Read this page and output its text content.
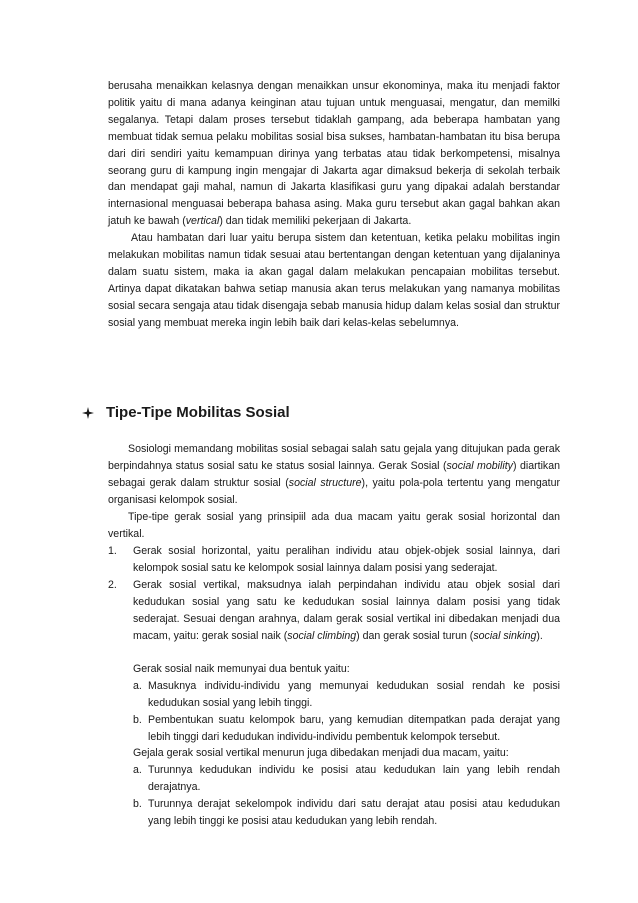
berusaha menaikkan kelasnya dengan menaikkan unsur ekonominya, maka itu menjadi faktor politik yaitu di mana adanya keinginan atau tujuan untuk menguasai, mengatur, dan memilki segalanya. Tetapi dalam proses tersebut tidaklah gampang, ada beberapa hambatan yang membuat tidak semua pelaku mobilitas sosial bisa sukses, hambatan-hambatan itu bisa berupa dari diri sendiri yaitu kemampuan dirinya yang terbatas atau tidak berkompetensi, misalnya seorang guru di kampung ingin mengajar di Jakarta agar dimaksud bekerja di sekolah terbaik dan mendapat gaji mahal, namun di Jakarta klasifikasi guru yang dipakai adalah berstandar internasional menguasai beberapa bahasa asing. Maka guru tersebut akan gagal bahkan akan jatuh ke bawah (vertical) dan tidak memiliki pekerjaan di Jakarta.

Atau hambatan dari luar yaitu berupa sistem dan ketentuan, ketika pelaku mobilitas ingin melakukan mobilitas namun tidak sesuai atau bertentangan dengan ketentuan yang dijalaninya dalam suatu sistem, maka ia akan gagal dalam melakukan pencapaian mobilitas tersebut. Artinya dapat dikatakan bahwa setiap manusia akan terus melakukan yang namanya mobilitas sosial secara sengaja atau tidak disengaja sebab manusia hidup dalam kelas sosial dan struktur sosial yang membuat mereka ingin lebih baik dari kelas-kelas sebelumnya.

Tipe-Tipe Mobilitas Sosial

Sosiologi memandang mobilitas sosial sebagai salah satu gejala yang ditujukan pada gerak berpindahnya status sosial satu ke status sosial lainnya. Gerak Sosial (social mobility) diartikan sebagai gerak dalam struktur sosial (social structure), yaitu pola-pola tertentu yang mengatur organisasi kelompok sosial.

Tipe-tipe gerak sosial yang prinsipiil ada dua macam yaitu gerak sosial horizontal dan vertikal.

1. Gerak sosial horizontal, yaitu peralihan individu atau objek-objek sosial lainnya, dari kelompok sosial satu ke kelompok sosial lainnya dalam posisi yang sederajat.
2. Gerak sosial vertikal, maksudnya ialah perpindahan individu atau objek sosial dari kedudukan sosial yang satu ke kedudukan sosial lainnya dalam posisi yang tidak sederajat. Sesuai dengan arahnya, dalam gerak sosial vertikal ini dibedakan menjadi dua macam, yaitu: gerak sosial naik (social climbing) dan gerak sosial turun (social sinking).

Gerak sosial naik memunyai dua bentuk yaitu:

a. Masuknya individu-individu yang memunyai kedudukan sosial rendah ke posisi kedudukan sosial yang lebih tinggi.
b. Pembentukan suatu kelompok baru, yang kemudian ditempatkan pada derajat yang lebih tinggi dari kedudukan individu-individu pembentuk kelompok tersebut.

Gejala gerak sosial vertikal menurun juga dibedakan menjadi dua macam, yaitu:

a. Turunnya kedudukan individu ke posisi atau kedudukan lain yang lebih rendah derajatnya.
b. Turunnya derajat sekelompok individu dari satu derajat atau posisi atau kedudukan yang lebih tinggi ke posisi atau kedudukan yang lebih rendah.
